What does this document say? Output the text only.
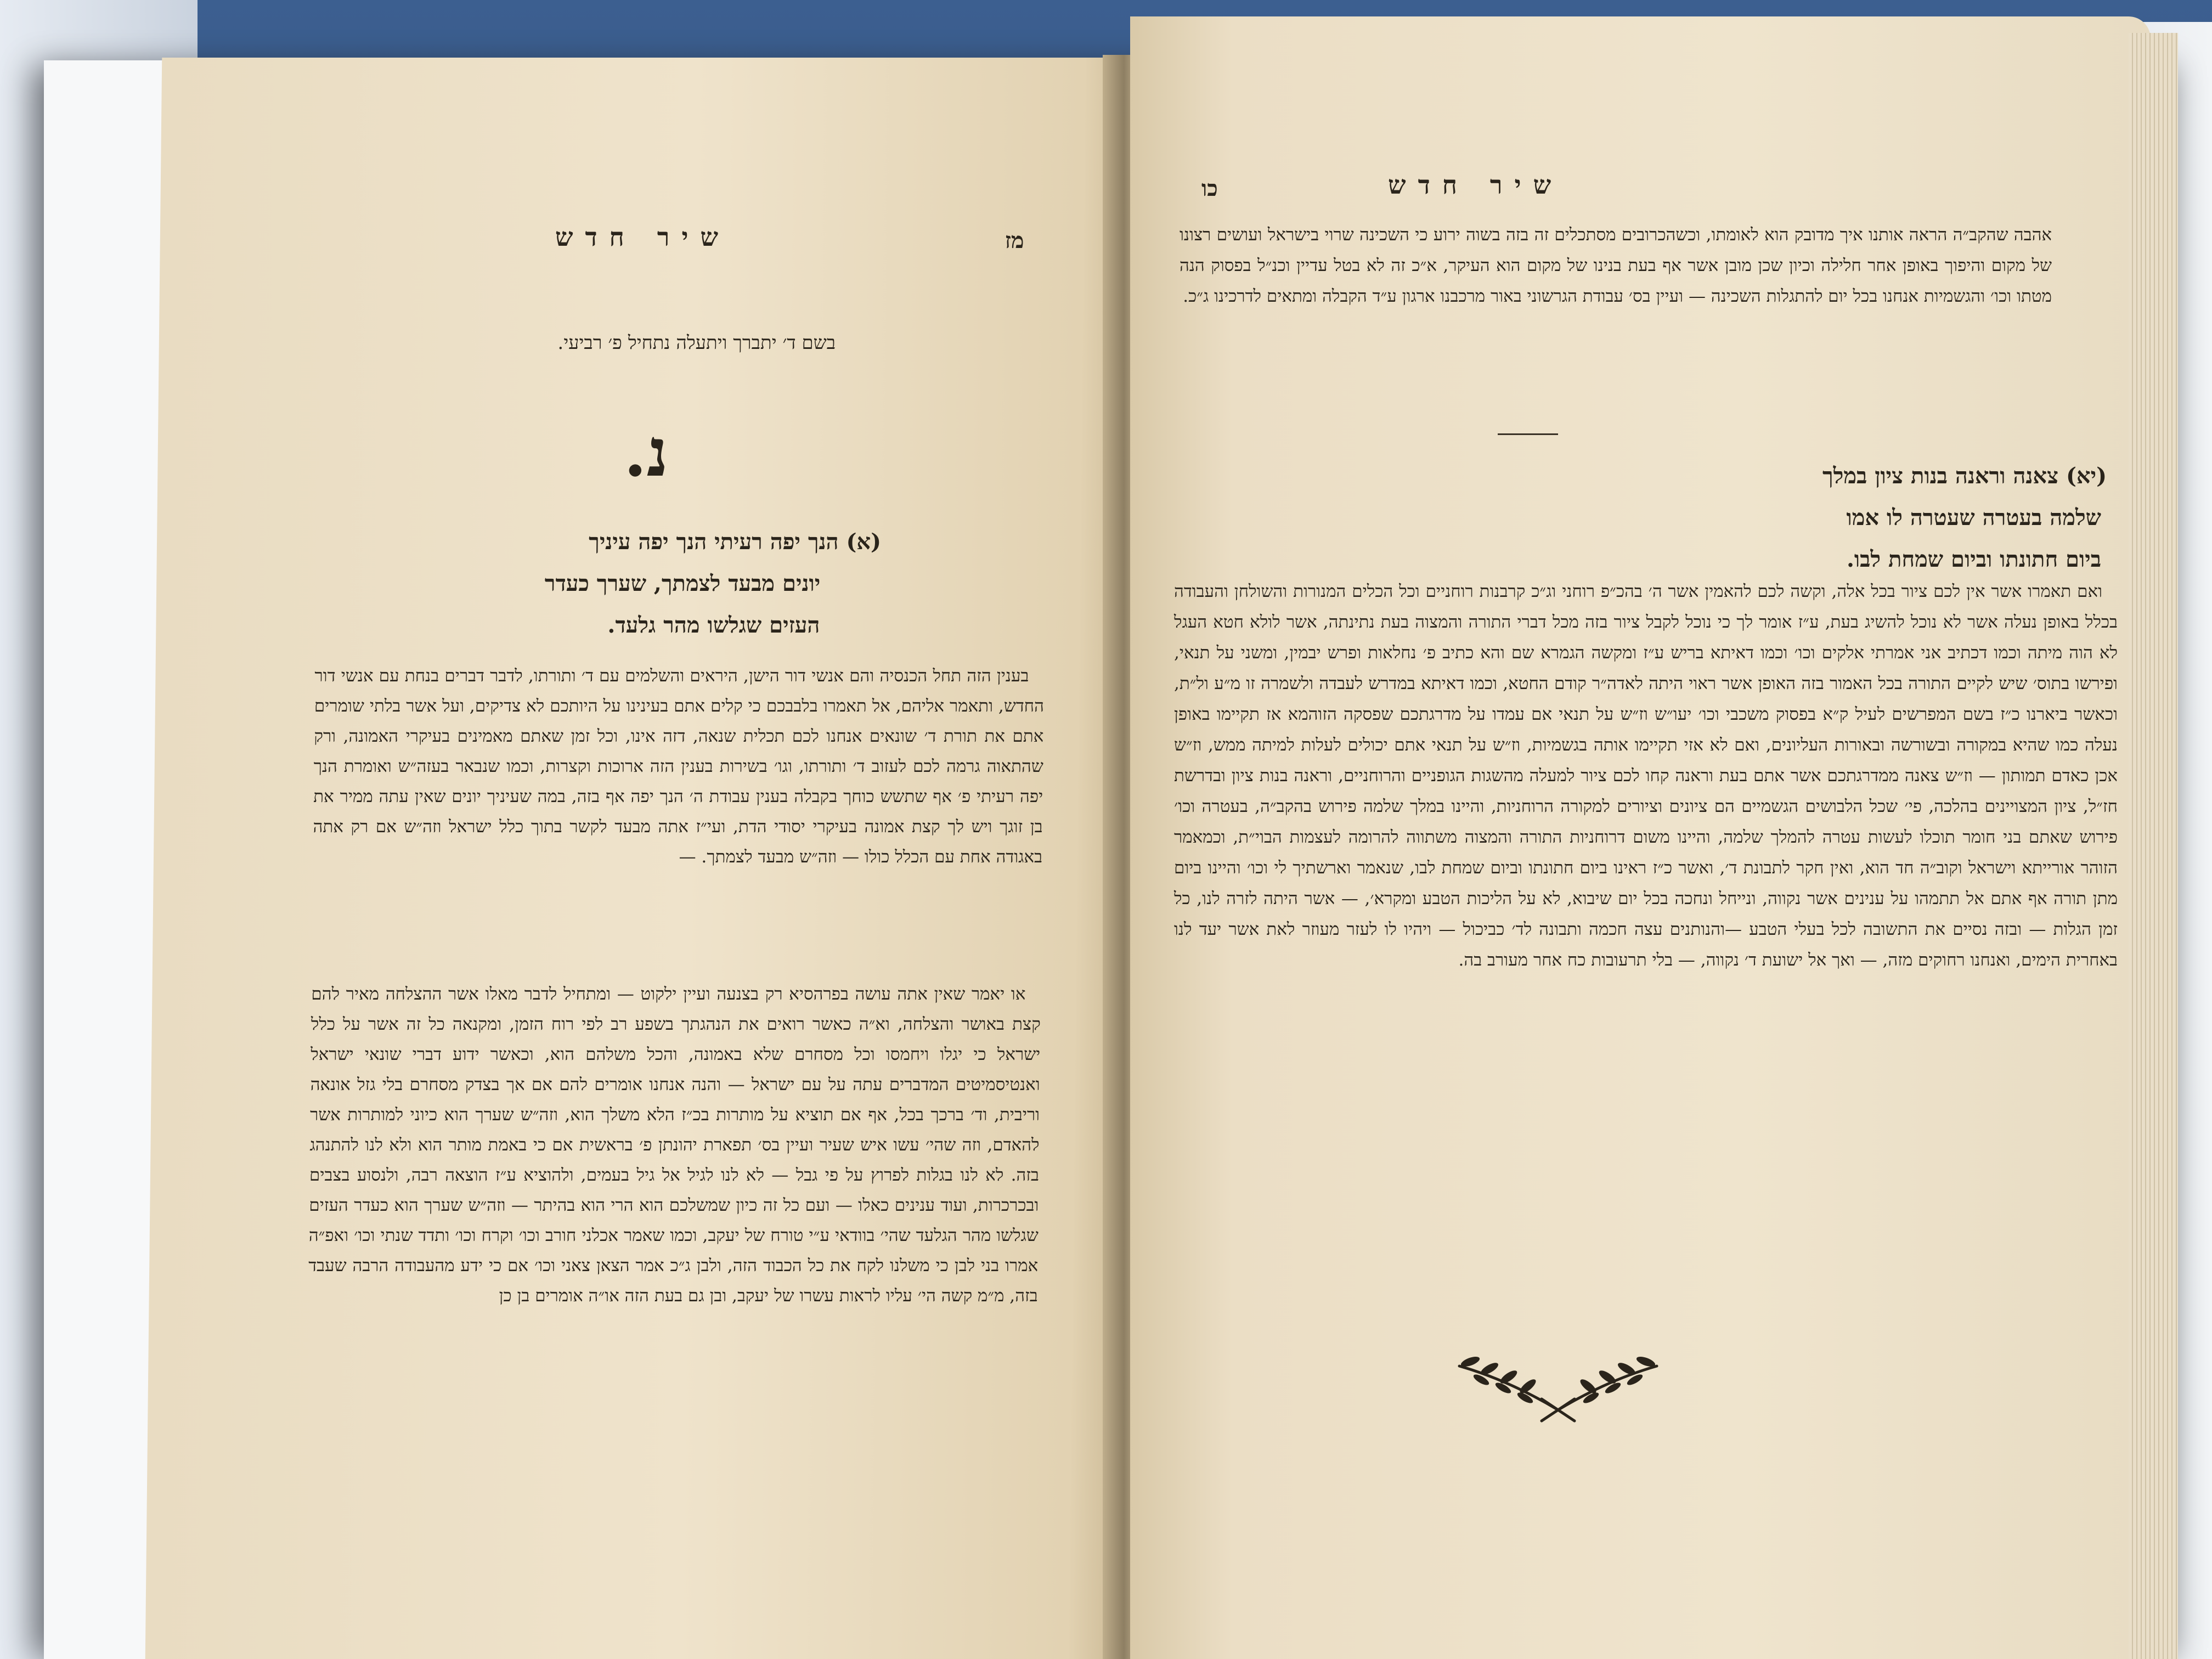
מז
שיר חדש
בשם ד׳ יתברך ויתעלה נתחיל פ׳ רביעי.
נ.
(א) הנך יפה רעיתי הנך יפה עיניך
יונים מבעד לצמתך, שערך כעדר
העזים שגלשו מהר גלעד.
בענין הזה תחל הכנסיה והם אנשי דור הישן, היראים והשלמים עם ד׳ ותורתו, לדבר דברים בנחת עם אנשי דור החדש, ותאמר אליהם, אל תאמרו בלבבכם כי קלים אתם בעינינו על היותכם לא צדיקים, ועל אשר בלתי שומרים אתם את תורת ד׳ שונאים אנחנו לכם תכלית שנאה, דזה אינו, וכל זמן שאתם מאמינים בעיקרי האמונה, ורק שהתאוה גרמה לכם לעזוב ד׳ ותורתו, וגו׳ בשירות בענין הזה ארוכות וקצרות, וכמו שנבאר בעזה״ש ואומרת הנך יפה רעיתי פ׳ אף שתשש כוחך בקבלה בענין עבודת ה׳ הנך יפה אף בזה, במה שעיניך יונים שאין עתה ממיר את בן זוגך ויש לך קצת אמונה בעיקרי יסודי הדת, ועי״ז אתה מבעד לקשר בתוך כלל ישראל וזה״ש אם רק אתה באגודה אחת עם הכלל כולו — וזה״ש מבעד לצמתך. —
או יאמר שאין אתה עושה בפרהסיא רק בצנעה ועיין ילקוט — ומתחיל לדבר מאלו אשר ההצלחה מאיר להם קצת באושר והצלחה, וא״ה כאשר רואים את הנהגתך בשפע רב לפי רוח הזמן, ומקנאה כל זה אשר על כלל ישראל כי יגלו ויחמסו וכל מסחרם שלא באמונה, והכל משלהם הוא, וכאשר ידוע דברי שונאי ישראל ואנטיסמיטים המדברים עתה על עם ישראל — והנה אנחנו אומרים להם אם אך בצדק מסחרם בלי גזל אונאה וריבית, וד׳ ברכך בכל, אף אם תוציא על מותרות בכ״ז הלא משלך הוא, וזה״ש שערך הוא כיוני למותרות אשר להאדם, וזה שהי׳ עשו איש שעיר ועיין בס׳ תפארת יהונתן פ׳ בראשית אם כי באמת מותר הוא ולא לנו להתנהג בזה. לא לנו בגלות לפרוץ על פי גבל — לא לנו לגיל אל גיל בעמים, ולהוציא ע״ז הוצאה רבה, ולנסוע בצבים ובכרכרות, ועוד ענינים כאלו — ועם כל זה כיון שמשלכם הוא הרי הוא בהיתר — וזה״ש שערך הוא כעדר העזים שגלשו מהר הגלעד שהי׳ בוודאי ע״י טורח של יעקב, וכמו שאמר אכלני חורב וכו׳ וקרח וכו׳ ותדד שנתי וכו׳ ואפ״ה אמרו בני לבן כי משלנו לקח את כל הכבוד הזה, ולבן ג״כ אמר הצאן צאני וכו׳ אם כי ידע מהעבודה הרבה שעבד בזה, מ״מ קשה הי׳ עליו לראות עשרו של יעקב, ובן גם בעת הזה או״ה אומרים בן כן
כו	שיר חדש
אהבה שהקב״ה הראה אותנו איך מדובק הוא לאומתו, וכשהכרובים מסתכלים זה בזה בשוה ירוע כי השכינה שרוי בישראל ועושים רצונו של מקום והיפוך באופן אחר חלילה וכיון שכן מובן אשר אף בעת בנינו של מקום הוא העיקר, א״כ זה לא בטל עדיין וכנ״ל בפסוק הנה מטתו וכו׳ והגשמיות אנחנו בכל יום להתגלות השכינה — ועיין בס׳ עבודת הגרשוני באור מרכבנו ארגון ע״ד הקבלה ומתאים לדרכינו ג״כ.
(יא) צאנה וראנה בנות ציון במלך
שלמה בעטרה שעטרה לו אמו
ביום חתונתו וביום שמחת לבו.
ואם תאמרו אשר אין לכם ציור בכל אלה, וקשה לכם להאמין אשר ה׳ בהכ״פ רוחני וג״כ קרבנות רוחניים וכל הכלים המנורות והשולחן והעבודה בכלל באופן נעלה אשר לא נוכל להשיג בעת, ע״ז אומר לך כי נוכל לקבל ציור בזה מכל דברי התורה והמצוה בעת נתינתה, אשר לולא חטא העגל לא הוה מיתה וכמו דכתיב אני אמרתי אלקים וכו׳ וכמו דאיתא בריש ע״ז ומקשה הגמרא שם והא כתיב פ׳ נחלאות ופרש יבמין, ומשני על תנאי, ופירשו בתוס׳ שיש לקיים התורה בכל האמור בזה האופן אשר ראוי היתה לאדה״ר קודם החטא, וכמו דאיתא במדרש לעבדה ולשמרה זו מ״ע ול״ת, וכאשר ביארנו כ״ז בשם המפרשים לעיל ק״א בפסוק משכבי וכו׳ יעו״ש וז״ש על תנאי אם עמדו על מדרגתכם שפסקה הזוהמא אז תקיימו באופן נעלה כמו שהיא במקורה ובשורשה ובאורות העליונים, ואם לא אזי תקיימו אותה בגשמיות, וז״ש על תנאי אתם יכולים לעלות למיתה ממש, וז״ש אכן כאדם תמותון — וז״ש צאנה ממדרגתכם אשר אתם בעת וראנה קחו לכם ציור למעלה מהשגות הגופניים והרוחניים, וראנה בנות ציון ובדרשת חז״ל, ציון המצויינים בהלכה, פי׳ שכל הלבושים הגשמיים הם ציונים וציורים למקורה הרוחניות, והיינו במלך שלמה פירוש בהקב״ה, בעטרה וכו׳ פירוש שאתם בני חומר תוכלו לעשות עטרה להמלך שלמה, והיינו משום דרוחניות התורה והמצוה משתווה להרומה לעצמות הבוי״ת, וכמאמר הזוהר אורייתא וישראל וקוב״ה חד הוא, ואין חקר לתבונת ד׳, ואשר כ״ז ראינו ביום חתונתו וביום שמחת לבו, שנאמר וארשתיך לי וכו׳ והיינו ביום מתן תורה אף אתם אל תתמהו על ענינים אשר נקווה, ונייחל ונחכה בכל יום שיבוא, לא על הליכות הטבע ומקרא׳, — אשר היתה לזרה לנו, כל זמן הגלות — ובזה נסיים את התשובה לכל בעלי הטבע —והנותנים עצה חכמה ותבונה לד׳ כביכול — ויהיו לו לעזר מעוזר לאת אשר יעד לנו באחרית הימים, ואנחנו רחוקים מזה, — ואך אל ישועת ד׳ נקווה, — בלי תרעובות כח אחר מעורב בה.
